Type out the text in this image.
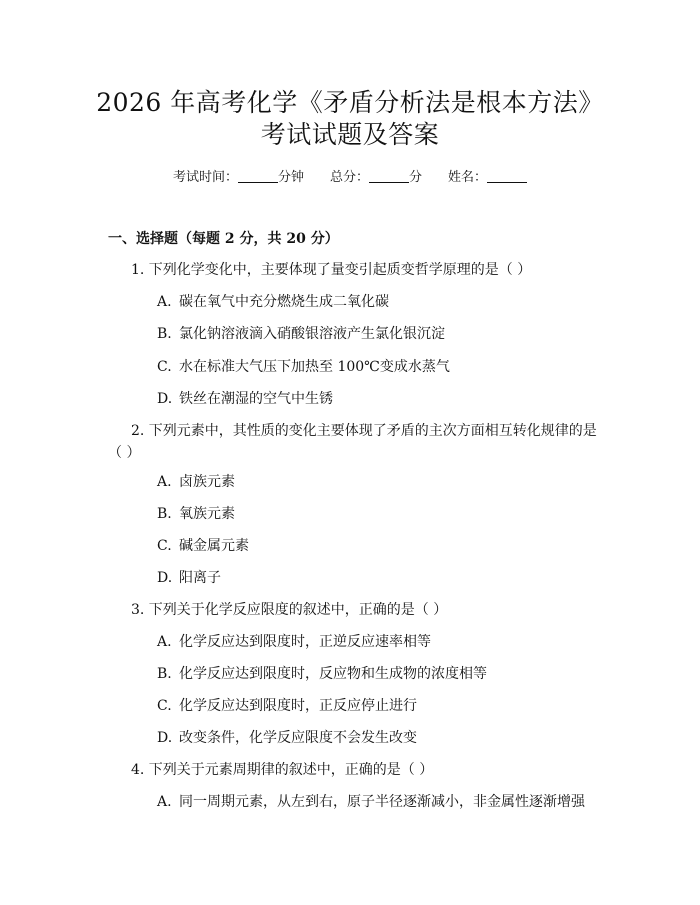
2026 年高考化学《矛盾分析法是根本方法》
考试试题及答案
考试时间：	分钟 总分：	分 姓名：
一、选择题（每题 2 分，共 20 分）
1. 下列化学变化中，主要体现了量变引起质变哲学原理的是（ ）
A. 碳在氧气中充分燃烧生成二氧化碳
B. 氯化钠溶液滴入硝酸银溶液产生氯化银沉淀
C. 水在标准大气压下加热至 100℃变成水蒸气
D. 铁丝在潮湿的空气中生锈
2. 下列元素中，其性质的变化主要体现了矛盾的主次方面相互转化规律的是（ ）
A. 卤族元素
B. 氧族元素
C. 碱金属元素
D. 阳离子
3. 下列关于化学反应限度的叙述中，正确的是（ ）
A. 化学反应达到限度时，正逆反应速率相等
B. 化学反应达到限度时，反应物和生成物的浓度相等
C. 化学反应达到限度时，正反应停止进行
D. 改变条件，化学反应限度不会发生改变
4. 下列关于元素周期律的叙述中，正确的是（ ）
A. 同一周期元素，从左到右，原子半径逐渐减小，非金属性逐渐增强
